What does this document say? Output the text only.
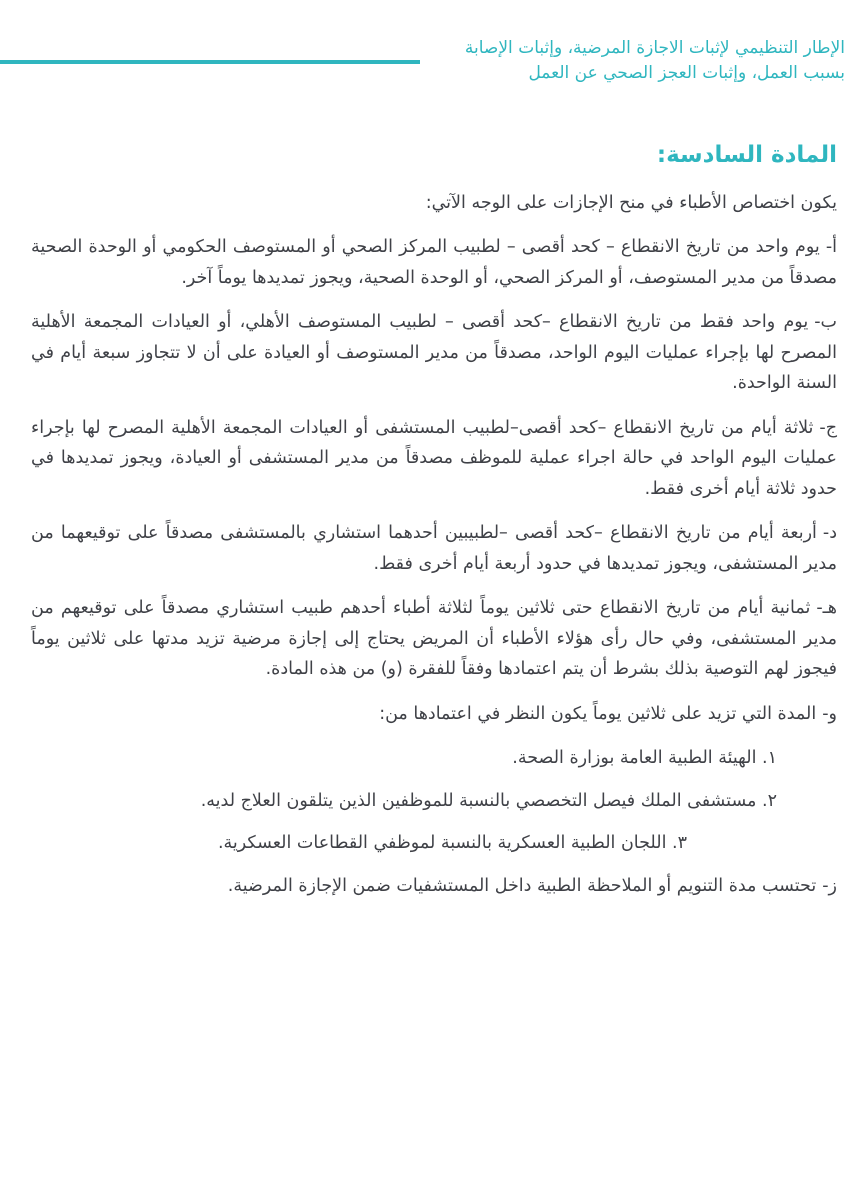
الإطار التنظيمي لإثبات الاجازة المرضية، وإثبات الإصابة بسبب العمل، وإثبات العجز الصحي عن العمل
المادة السادسة:
يكون اختصاص الأطباء في منح الإجازات على الوجه الآتي:
أ-يوم واحد من تاريخ الانقطاع – كحد أقصى – لطبيب المركز الصحي أو المستوصف الحكومي أو الوحدة الصحية مصدقاً من مدير المستوصف، أو المركز الصحي، أو الوحدة الصحية، ويجوز تمديدها يوماً آخر.
ب-يوم واحد فقط من تاريخ الانقطاع –كحد أقصى – لطبيب المستوصف الأهلي، أو العيادات المجمعة الأهلية المصرح لها بإجراء عمليات اليوم الواحد، مصدقاً من مدير المستوصف أو العيادة على أن لا تتجاوز سبعة أيام في السنة الواحدة.
ج-ثلاثة أيام من تاريخ الانقطاع –كحد أقصى–لطبيب المستشفى أو العيادات المجمعة الأهلية المصرح لها بإجراء عمليات اليوم الواحد في حالة اجراء عملية للموظف مصدقاً من مدير المستشفى أو العيادة، ويجوز تمديدها في حدود ثلاثة أيام أخرى فقط.
د-أربعة أيام من تاريخ الانقطاع –كحد أقصى –لطبيبين أحدهما استشاري بالمستشفى مصدقاً على توقيعهما من مدير المستشفى، ويجوز تمديدها في حدود أربعة أيام أخرى فقط.
هـ-ثمانية أيام من تاريخ الانقطاع حتى ثلاثين يوماً لثلاثة أطباء أحدهم طبيب استشاري مصدقاً على توقيعهم من مدير المستشفى، وفي حال رأى هؤلاء الأطباء أن المريض يحتاج إلى إجازة مرضية تزيد مدتها على ثلاثين يوماً فيجوز لهم التوصية بذلك بشرط أن يتم اعتمادها وفقاً للفقرة (و) من هذه المادة.
و-المدة التي تزيد على ثلاثين يوماً يكون النظر في اعتمادها من:
١. الهيئة الطبية العامة بوزارة الصحة.
٢. مستشفى الملك فيصل التخصصي بالنسبة للموظفين الذين يتلقون العلاج لديه.
٣. اللجان الطبية العسكرية بالنسبة لموظفي القطاعات العسكرية.
ز-تحتسب مدة التنويم أو الملاحظة الطبية داخل المستشفيات ضمن الإجازة المرضية.
